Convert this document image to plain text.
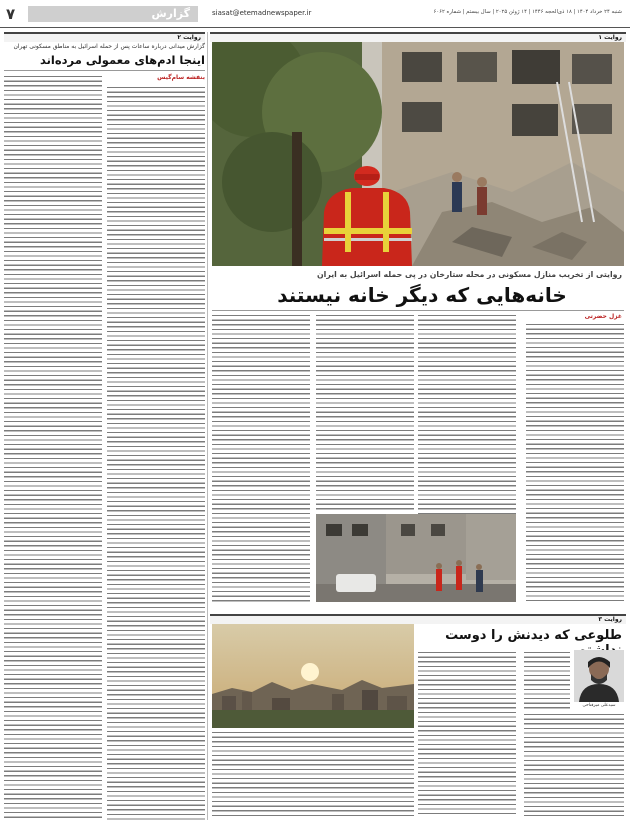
۷	گزارش	siasat@etemadnewspaper.ir	شنبه ۲۴ خرداد ۱۴۰۴ | ۱۸ ذی‌الحجه ۱۴۴۶ | ۱۴ ژوئن ۲۰۲۵ | سال بیستم | شماره ۶۰۶۲
روایت ۲
گزارش میدانی درباره ساعات پس از حمله اسرائیل به مناطق مسکونی تهران
اینجا ادم‌های معمولی مرده‌اند
بنفشه سام‌گیس
روایت ۱
روایتی از تخریب منازل مسکونی در محله ستارخان در پی حمله اسرائیل به ایران
خانه‌هایی که دیگر خانه نیستند
غزل حضرتی
روایت ۳
طلوعی که دیدنش را دوست
سیدعلی میرفتاحی
